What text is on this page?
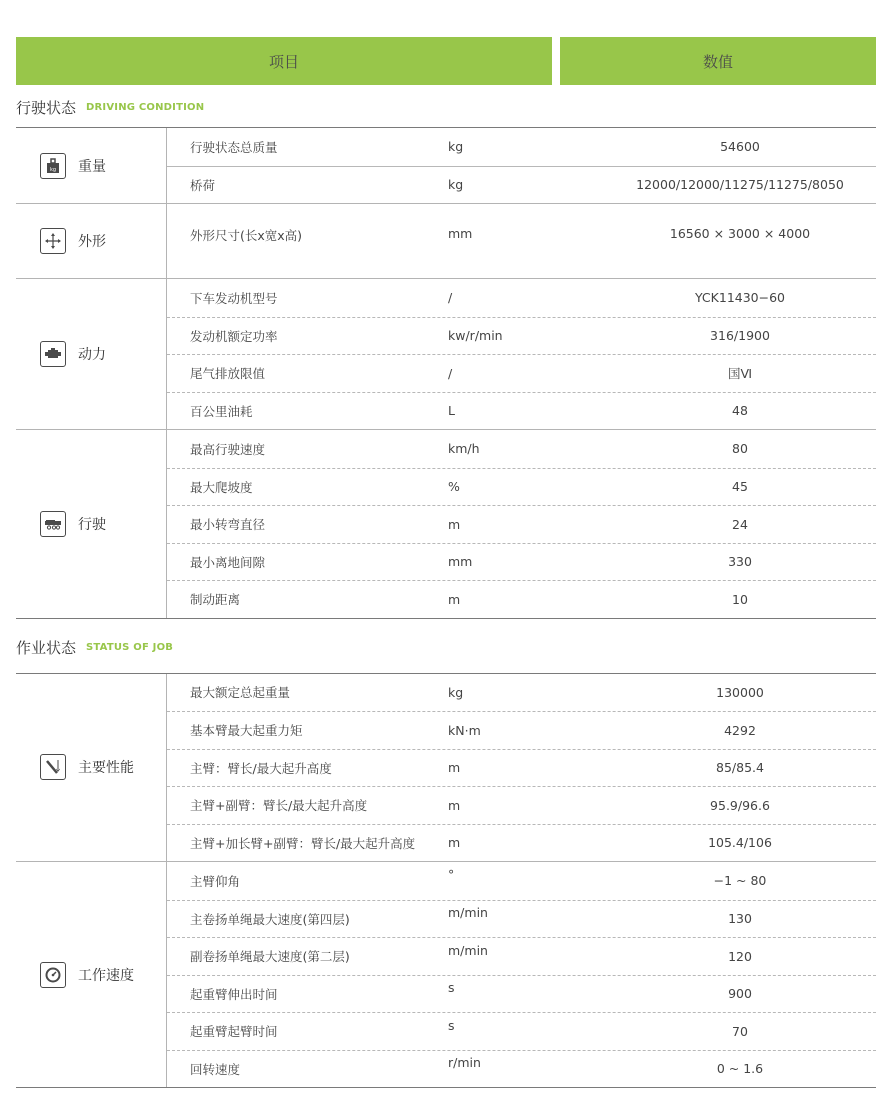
项目	数值
行驶状态 DRIVING CONDITION
kg 重量
行驶状态总质量	kg	54600
桥荷	kg	12000/12000/11275/11275/8050
外形	外形尺寸(长x宽x高)	mm	16560 × 3000 × 4000
动力
下车发动机型号	/	YCK11430−60
发动机额定功率	kw/r/min	316/1900
尾气排放限值	/	国Ⅵ
百公里油耗	L	48
行驶
最高行驶速度	km/h	80
最大爬坡度	%	45
最小转弯直径	m	24
最小离地间隙	mm	330
制动距离	m	10
作业状态 STATUS OF JOB
主要性能
最大额定总起重量	kg	130000
基本臂最大起重力矩	kN·m	4292
主臂：臂长/最大起升高度	m	85/85.4
主臂+副臂：臂长/最大起升高度	m	95.9/96.6
主臂+加长臂+副臂：臂长/最大起升高度	m	105.4/106
工作速度
主臂仰角	°	−1 ~ 80
主卷扬单绳最大速度(第四层)	m/min	130
副卷扬单绳最大速度(第二层)	m/min	120
起重臂伸出时间	s	900
起重臂起臂时间	s	70
回转速度	r/min	0 ~ 1.6
